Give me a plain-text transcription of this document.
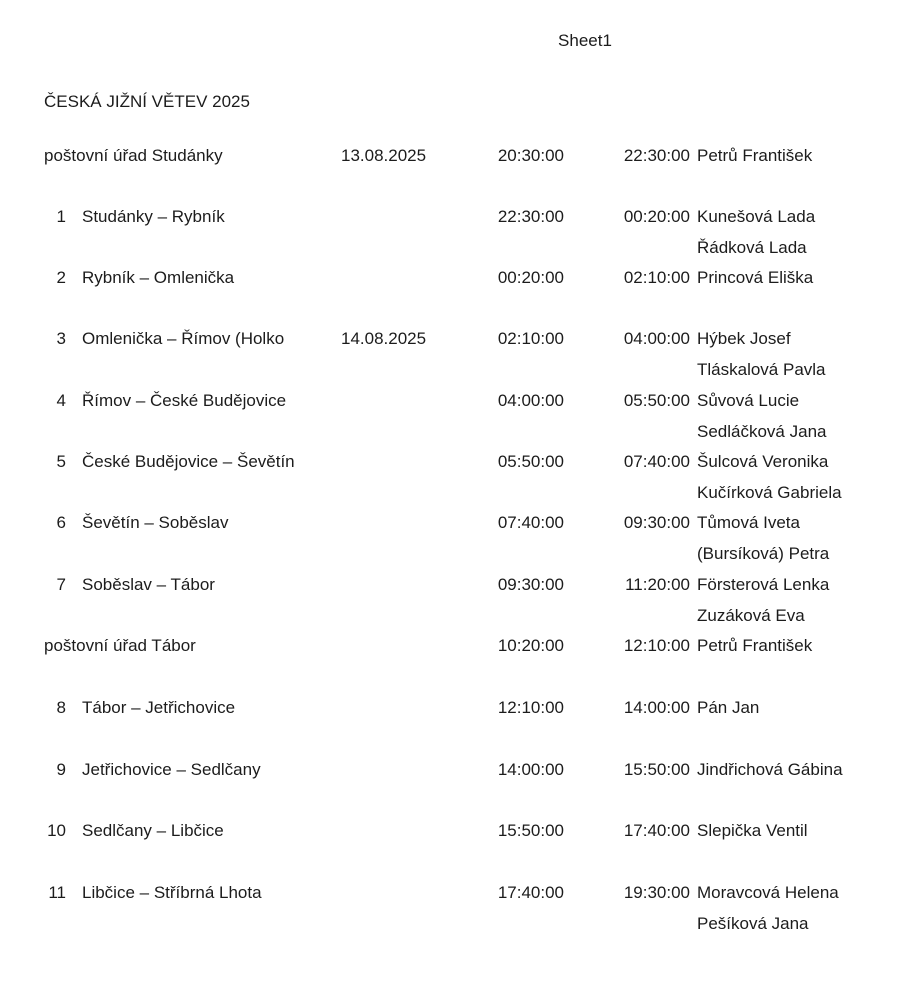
Sheet1
ČESKÁ JIŽNÍ VĚTEV 2025
poštovní úřad Studánky	13.08.2025	20:30:00	22:30:00 Petrů František
1 Studánky – Rybník	22:30:00	00:20:00 Kunešová Lada
Řádková Lada
2 Rybník – Omlenička	00:20:00	02:10:00 Princová Eliška
3 Omlenička – Římov (Holko	14.08.2025	02:10:00	04:00:00 Hýbek Josef
Tláskalová Pavla
4 Římov – České Budějovice	04:00:00	05:50:00 Sůvová Lucie
Sedláčková Jana
5 České Budějovice – Ševětín	05:50:00	07:40:00 Šulcová Veronika
Kučírková Gabriela
6 Ševětín – Soběslav	07:40:00	09:30:00 Tůmová Iveta
(Bursíková) Petra
7 Soběslav – Tábor	09:30:00	11:20:00 Försterová Lenka
Zuzáková Eva
poštovní úřad Tábor	10:20:00	12:10:00 Petrů František
8 Tábor – Jetřichovice	12:10:00	14:00:00 Pán Jan
9 Jetřichovice – Sedlčany	14:00:00	15:50:00 Jindřichová Gábina
10 Sedlčany – Libčice	15:50:00	17:40:00 Slepička Ventil
11 Libčice – Stříbrná Lhota	17:40:00	19:30:00 Moravcová Helena
Pešíková Jana
